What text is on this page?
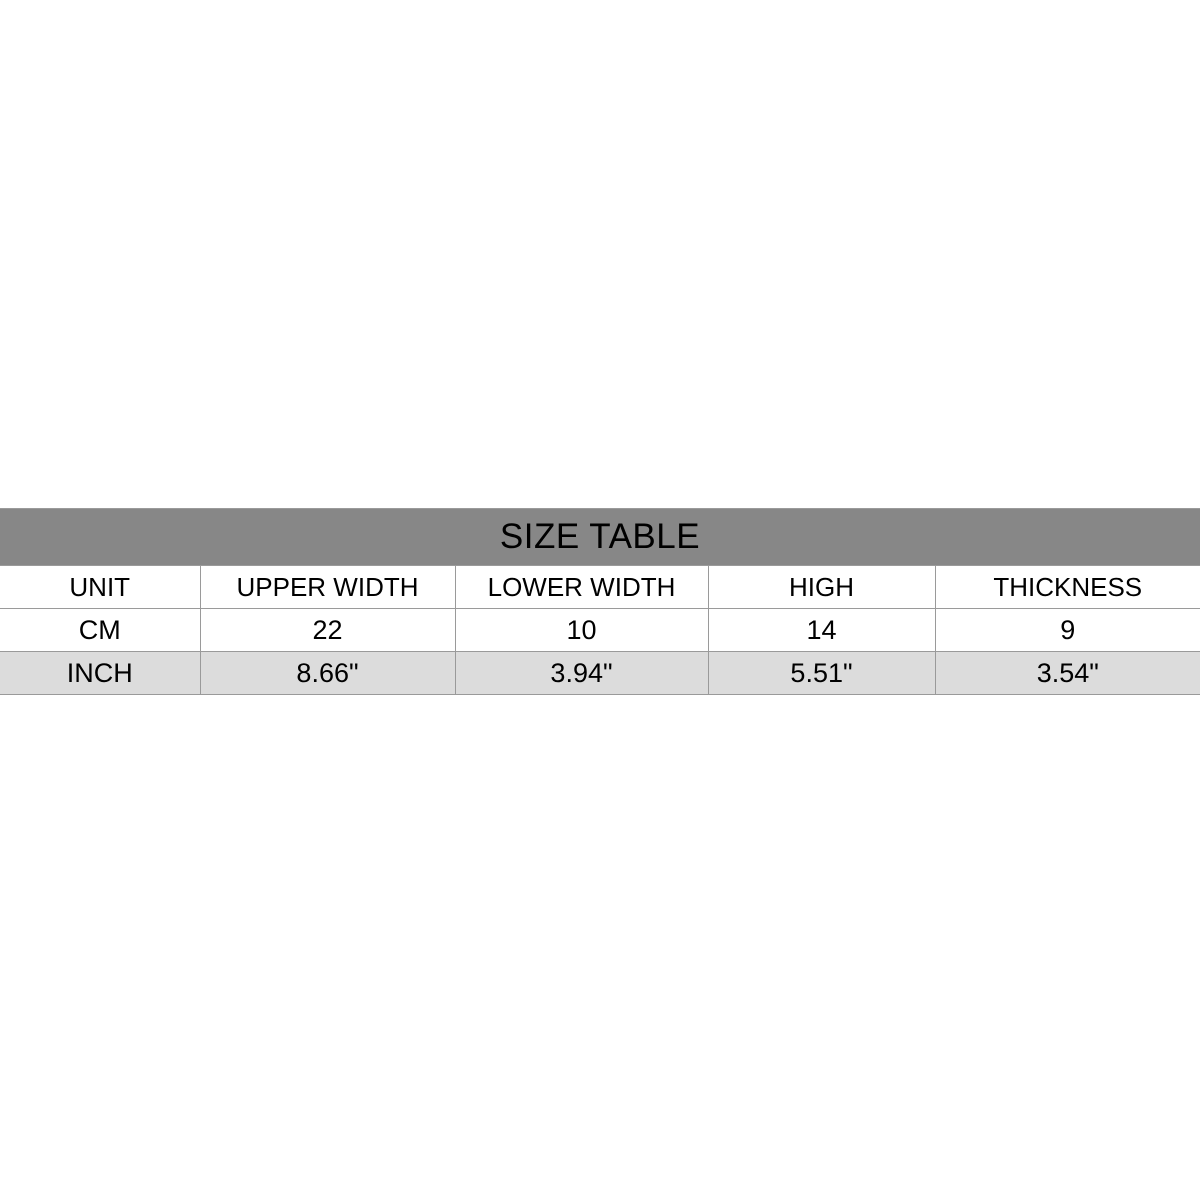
SIZE TABLE				
UNIT	UPPER WIDTH	LOWER WIDTH	HIGH	THICKNESS
CM	22	10	14	9
INCH	8.66"	3.94"	5.51"	3.54"
